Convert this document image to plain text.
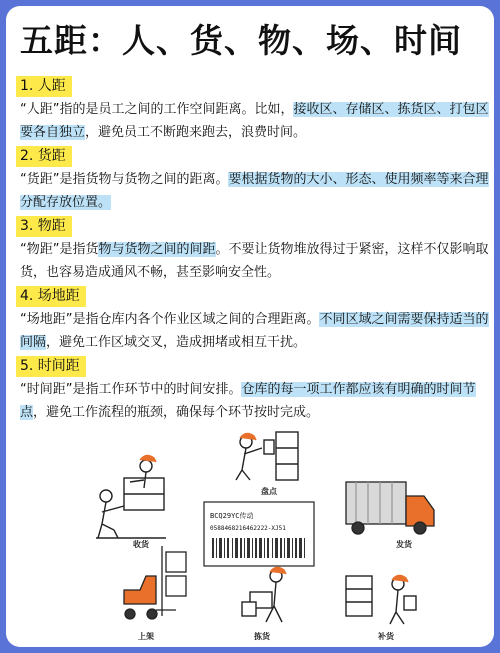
五距：人、货、物、场、时间
1. 人距

“人距”指的是员工之间的工作空间距离。比如，接收区、存储区、拣货区、打包区要各自独立，避免员工不断跑来跑去，浪费时间。

2. 货距

“货距”是指货物与货物之间的距离。要根据货物的大小、形态、使用频率等来合理分配存放位置。

3. 物距

“物距”是指货物与货物之间的间距。不要让货物堆放得过于紧密，这样不仅影响取货，也容易造成通风不畅，甚至影响安全性。

4. 场地距

“场地距”是指仓库内各个作业区域之间的合理距离。不同区域之间需要保持适当的间隔，避免工作区域交叉，造成拥堵或相互干扰。

5. 时间距

“时间距”是指工作环节中的时间安排。仓库的每一项工作都应该有明确的时间节点，避免工作流程的瓶颈，确保每个环节按时完成。

BCQ29YC传动
0588468216462222-XJ51
收货
盘点
发货
上架	拣货	补货
